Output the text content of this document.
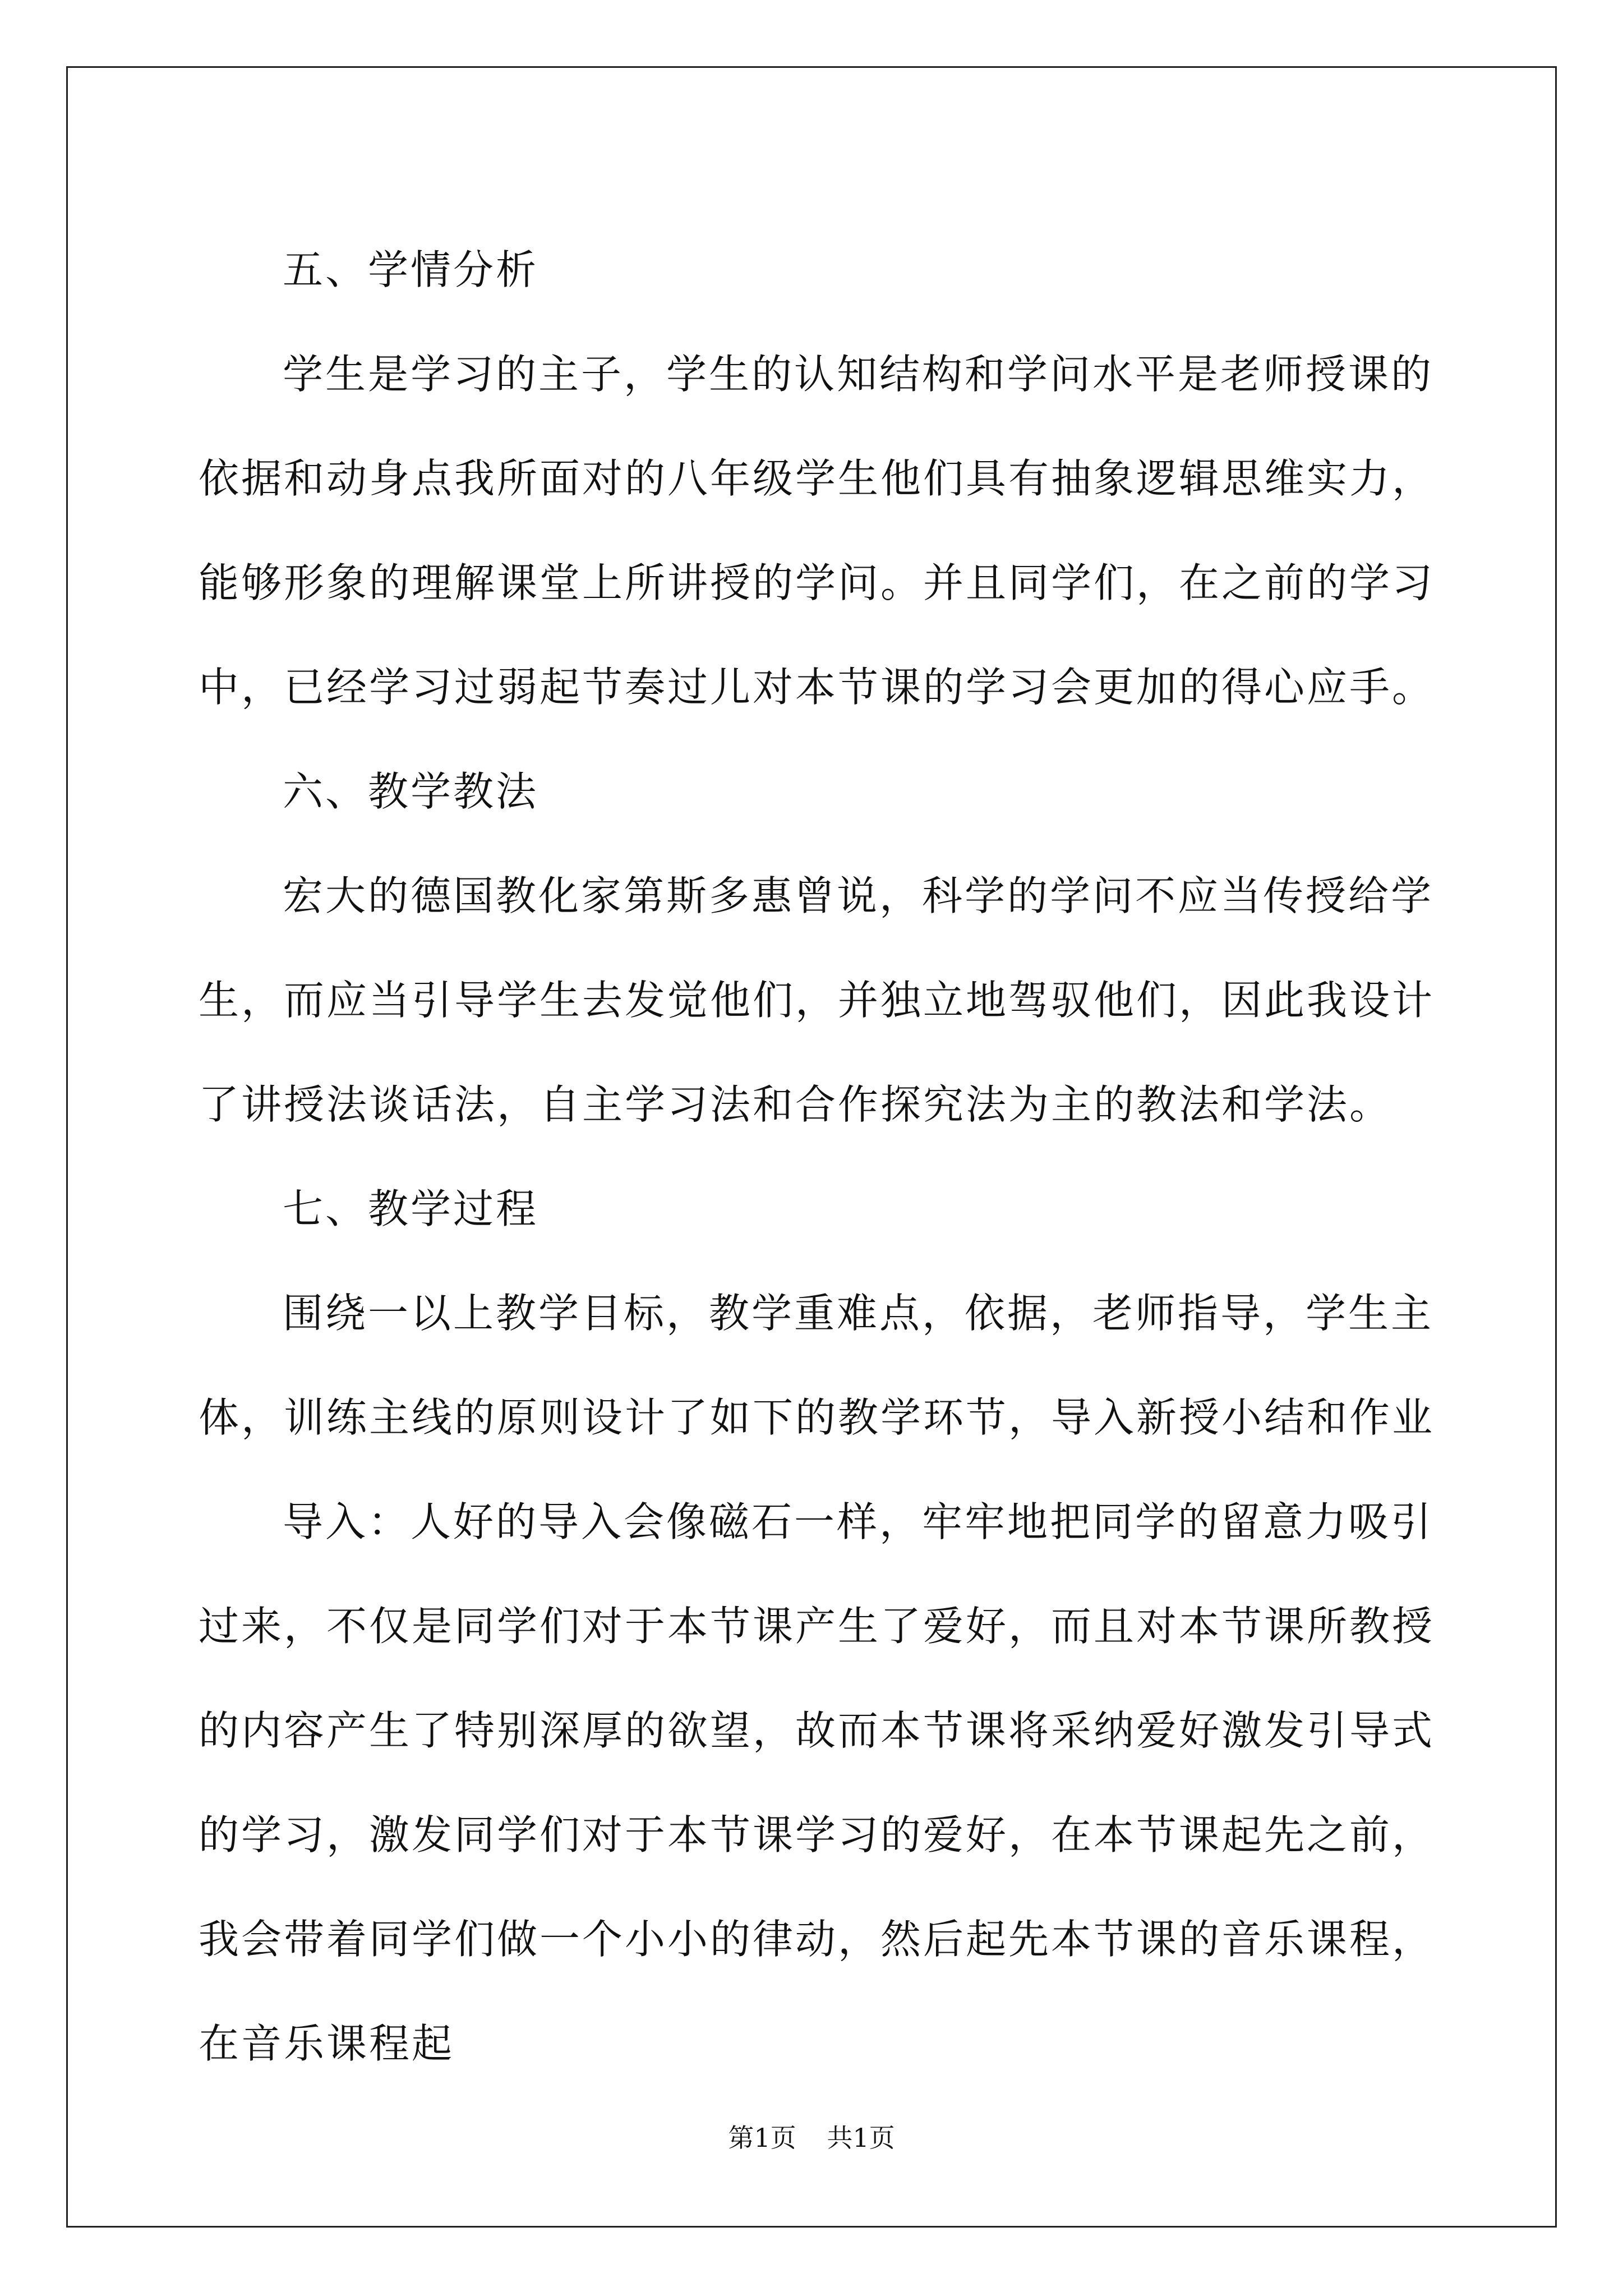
五、学情分析

学生是学习的主子，学生的认知结构和学问水平是老师授课的依据和动身点我所面对的八年级学生他们具有抽象逻辑思维实力，能够形象的理解课堂上所讲授的学问。并且同学们，在之前的学习中，已经学习过弱起节奏过儿对本节课的学习会更加的得心应手。

六、教学教法

宏大的德国教化家第斯多惠曾说，科学的学问不应当传授给学生，而应当引导学生去发觉他们，并独立地驾驭他们，因此我设计了讲授法谈话法，自主学习法和合作探究法为主的教法和学法。

七、教学过程

围绕一以上教学目标，教学重难点，依据，老师指导，学生主体，训练主线的原则设计了如下的教学环节，导入新授小结和作业

导入：人好的导入会像磁石一样，牢牢地把同学的留意力吸引过来，不仅是同学们对于本节课产生了爱好，而且对本节课所教授的内容产生了特别深厚的欲望，故而本节课将采纳爱好激发引导式的学习，激发同学们对于本节课学习的爱好，在本节课起先之前，我会带着同学们做一个小小的律动，然后起先本节课的音乐课程，在音乐课程起

第1页 共1页
